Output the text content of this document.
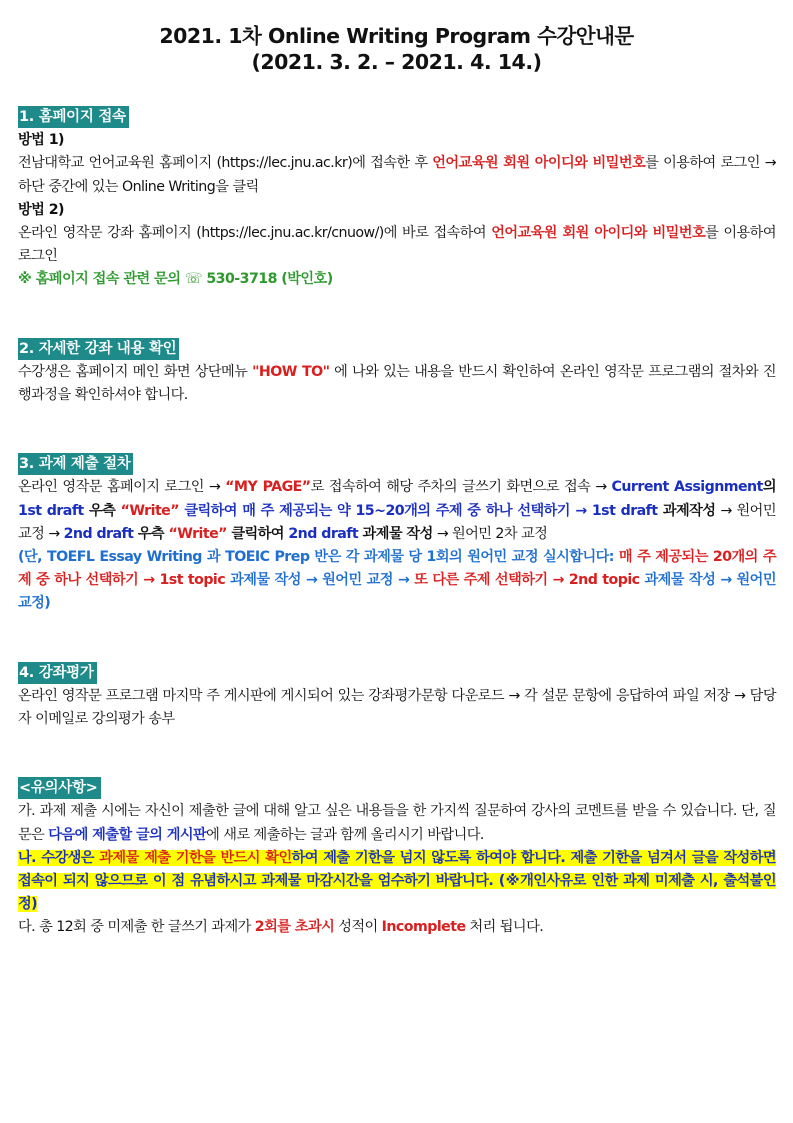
2021. 1차 Online Writing Program 수강안내문
(2021. 3. 2. – 2021. 4. 14.)

1. 홈페이지 접속

방법 1)

전남대학교 언어교육원 홈페이지 (https://lec.jnu.ac.kr)에 접속한 후 언어교육원 회원 아이디와 비밀번호를 이용하여 로그인 → 하단 중간에 있는 Online Writing을 클릭

방법 2)

온라인 영작문 강좌 홈페이지 (https://lec.jnu.ac.kr/cnuow/)에 바로 접속하여 언어교육원 회원 아이디와 비밀번호를 이용하여 로그인

※ 홈페이지 접속 관련 문의 ☏ 530-3718 (박인호)

2. 자세한 강좌 내용 확인

수강생은 홈페이지 메인 화면 상단메뉴 "HOW TO" 에 나와 있는 내용을 반드시 확인하여 온라인 영작문 프로그램의 절차와 진행과정을 확인하셔야 합니다.

3. 과제 제출 절차

온라인 영작문 홈페이지 로그인 → “MY PAGE”로 접속하여 해당 주차의 글쓰기 화면으로 접속 → Current Assignment의 1st draft 우측 “Write” 클릭하여 매 주 제공되는 약 15~20개의 주제 중 하나 선택하기 → 1st draft 과제작성 → 원어민 교정 → 2nd draft 우측 “Write” 클릭하여 2nd draft 과제물 작성 → 원어민 2차 교정

(단, TOEFL Essay Writing 과 TOEIC Prep 반은 각 과제물 당 1회의 원어민 교정 실시합니다: 매 주 제공되는 20개의 주제 중 하나 선택하기 → 1st topic 과제물 작성 → 원어민 교정 → 또 다른 주제 선택하기 → 2nd topic 과제물 작성 → 원어민 교정)

4. 강좌평가

온라인 영작문 프로그램 마지막 주 게시판에 게시되어 있는 강좌평가문항 다운로드 → 각 설문 문항에 응답하여 파일 저장 → 담당자 이메일로 강의평가 송부

<유의사항>

가. 과제 제출 시에는 자신이 제출한 글에 대해 알고 싶은 내용들을 한 가지씩 질문하여 강사의 코멘트를 받을 수 있습니다. 단, 질문은 다음에 제출할 글의 게시판에 새로 제출하는 글과 함께 올리시기 바랍니다.

나. 수강생은 과제물 제출 기한을 반드시 확인하여 제출 기한을 넘지 않도록 하여야 합니다. 제출 기한을 넘겨서 글을 작성하면 접속이 되지 않으므로 이 점 유념하시고 과제물 마감시간을 엄수하기 바랍니다. (※개인사유로 인한 과제 미제출 시, 출석불인정)

다. 총 12회 중 미제출 한 글쓰기 과제가 2회를 초과시 성적이 Incomplete 처리 됩니다.
